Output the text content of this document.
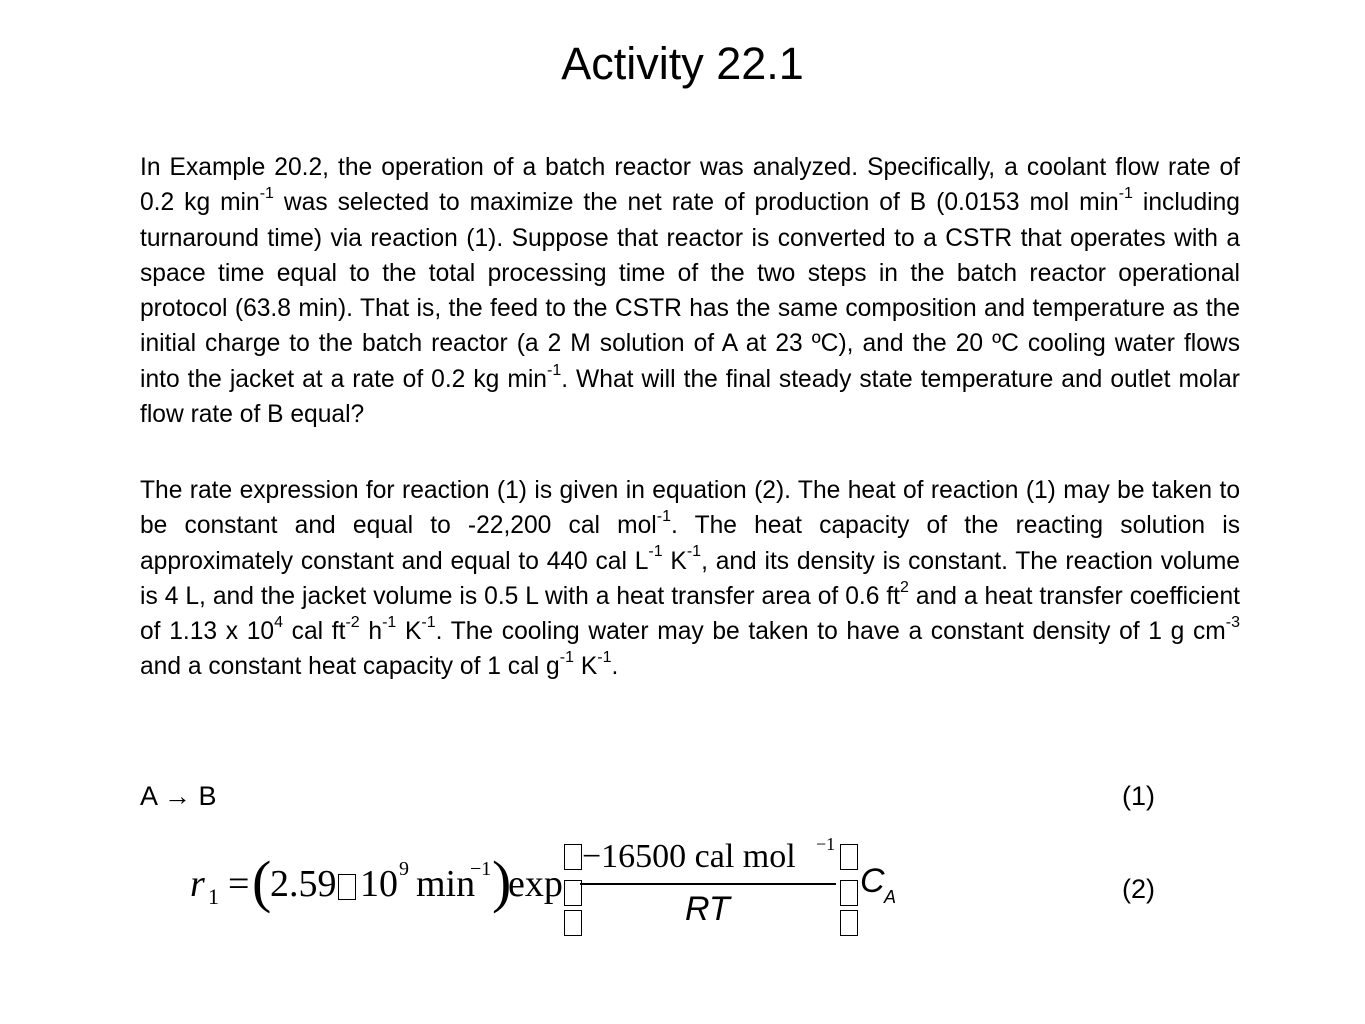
Activity 22.1

In Example 20.2, the operation of a batch reactor was analyzed. Specifically, a coolant flow rate of 0.2 kg $\min^{-1}$ was selected to maximize the net rate of production of B (0.0153 mol $\min^{-1}$ including turnaround time) via reaction (1). Suppose that reactor is converted to a CSTR that operates with a space time equal to the total processing time of the two steps in the batch reactor operational protocol (63.8 min). That is, the feed to the CSTR has the same composition and temperature as the initial charge to the batch reactor (a 2 M solution of A at 23 ºC), and the 20 ºC cooling water flows into the jacket at a rate of 0.2 kg $\min^{-1}$. What will the final steady state temperature and outlet molar flow rate of B equal?

The rate expression for reaction (1) is given in equation (2). The heat of reaction (1) may be taken to be constant and equal to -22,200 cal mol$^{-1}$. The heat capacity of the reacting solution is approximately constant and equal to 440 cal $L^{-1}$ $K^{-1}$, and its density is constant. The reaction volume is 4 L, and the jacket volume is 0.5 L with a heat transfer area of 0.6 $ft^2$ and a heat transfer coefficient of 1.13 x $10^4$ cal $ft^{-2}$ $h^{-1}$ $K^{-1}$. The cooling water may be taken to have a constant density of 1 g $cm^{-3}$ and a constant heat capacity of 1 cal $g^{-1}$ $K^{-1}$.

A → B	(1)
r 1 = (
2.59 10 9 min
−1 )
exp
−16500 cal mol −1
RT
C A	(2)
